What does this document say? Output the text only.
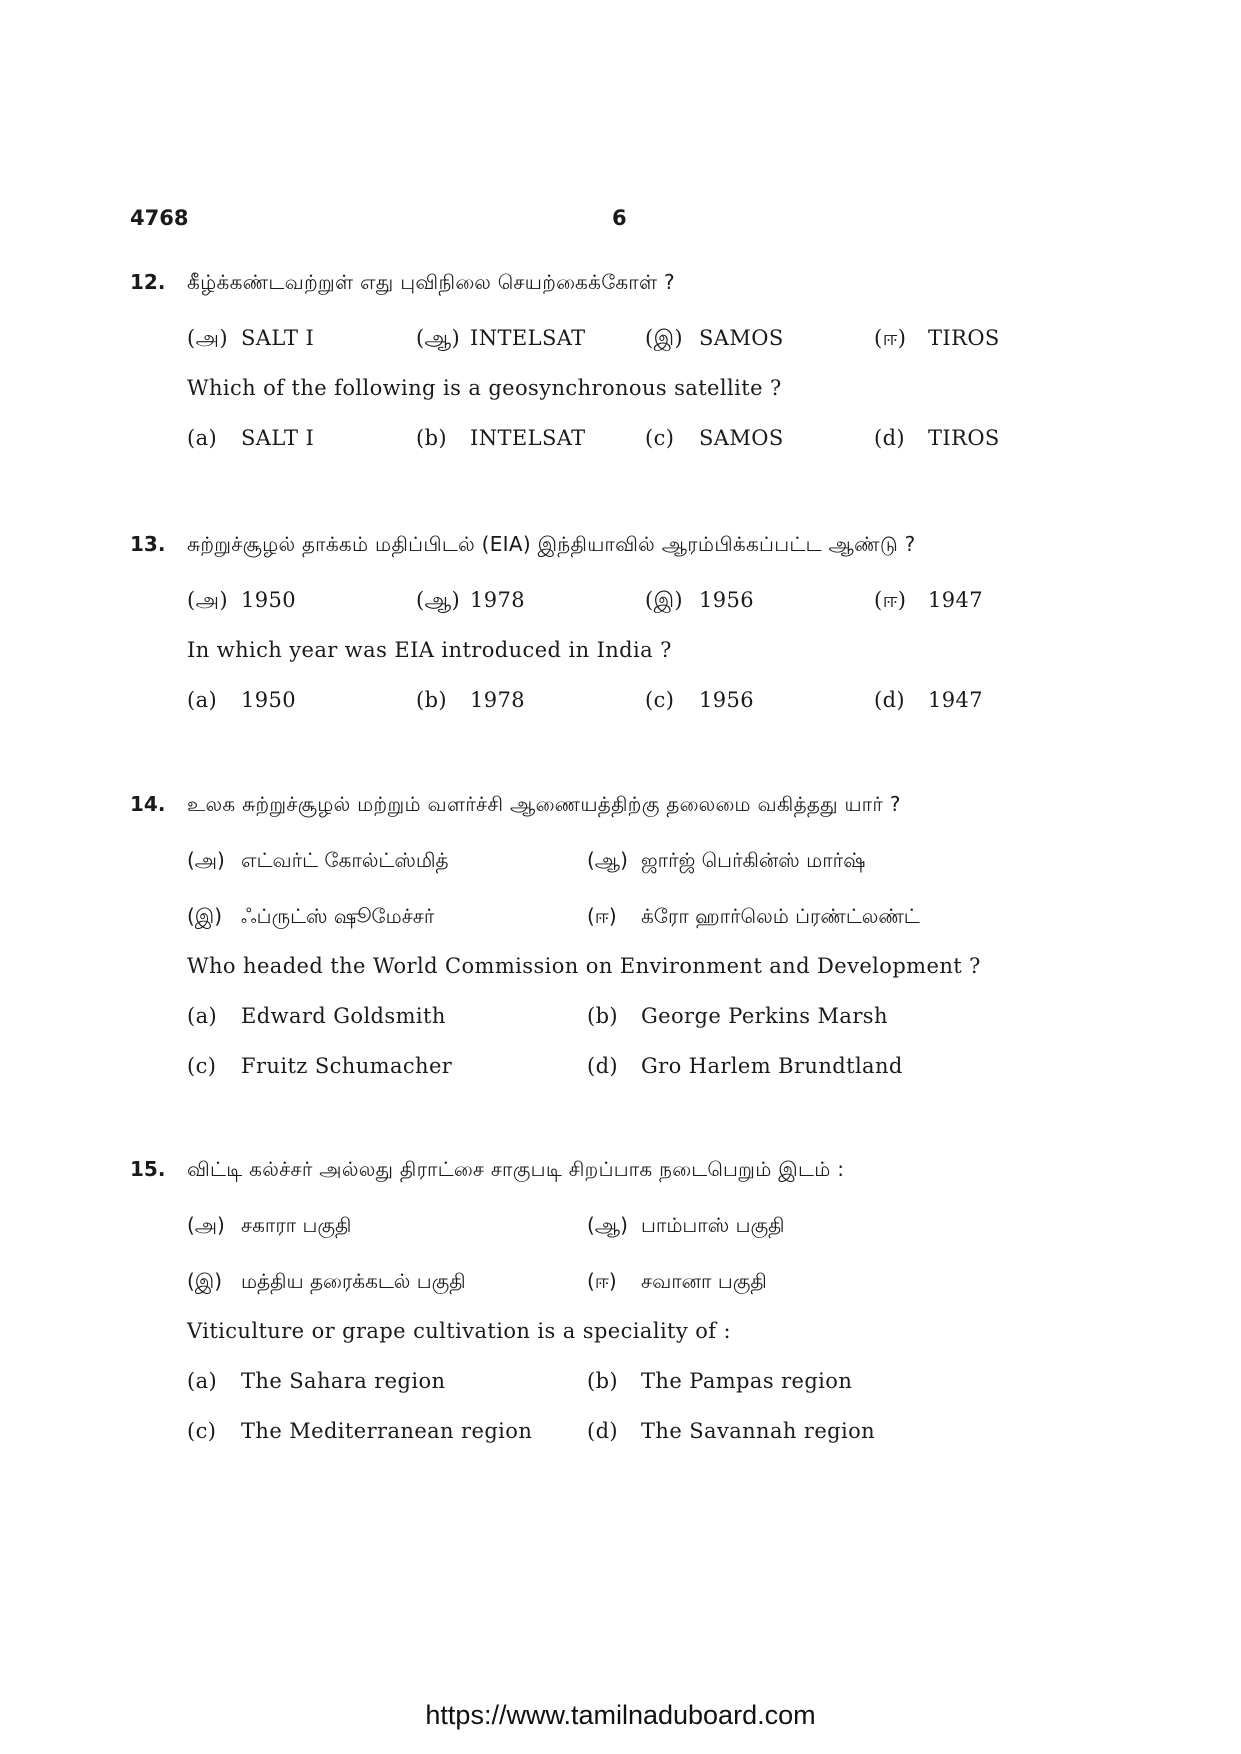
4768	6
12. கீழ்க்கண்டவற்றுள் எது புவிநிலை செயற்கைக்கோள் ?
(அ) SALT I	(ஆ) INTELSAT	(இ) SAMOS	(ஈ) TIROS
Which of the following is a geosynchronous satellite ?
(a) SALT I	(b) INTELSAT	(c) SAMOS	(d) TIROS
13. சுற்றுச்சூழல் தாக்கம் மதிப்பிடல் (EIA) இந்தியாவில் ஆரம்பிக்கப்பட்ட ஆண்டு ?
(அ) 1950	(ஆ) 1978	(இ) 1956	(ஈ) 1947
In which year was EIA introduced in India ?
(a) 1950	(b) 1978	(c) 1956	(d) 1947
14. உலக சுற்றுச்சூழல் மற்றும் வளர்ச்சி ஆணையத்திற்கு தலைமை வகித்தது யார் ?
(அ) எட்வர்ட் கோல்ட்ஸ்மித்	(ஆ) ஜார்ஜ் பெர்கின்ஸ் மார்ஷ்
(இ) ஃப்ருட்ஸ் ஷூமேச்சர்	(ஈ) க்ரோ ஹார்லெம் ப்ரண்ட்லண்ட்
Who headed the World Commission on Environment and Development ?
(a) Edward Goldsmith	(b) George Perkins Marsh
(c) Fruitz Schumacher	(d) Gro Harlem Brundtland
15. விட்டி கல்ச்சர் அல்லது திராட்சை சாகுபடி சிறப்பாக நடைபெறும் இடம் :
(அ) சகாரா பகுதி	(ஆ) பாம்பாஸ் பகுதி
(இ) மத்திய தரைக்கடல் பகுதி	(ஈ) சவானா பகுதி
Viticulture or grape cultivation is a speciality of :
(a) The Sahara region	(b) The Pampas region
(c) The Mediterranean region	(d) The Savannah region
https://www.tamilnaduboard.com
